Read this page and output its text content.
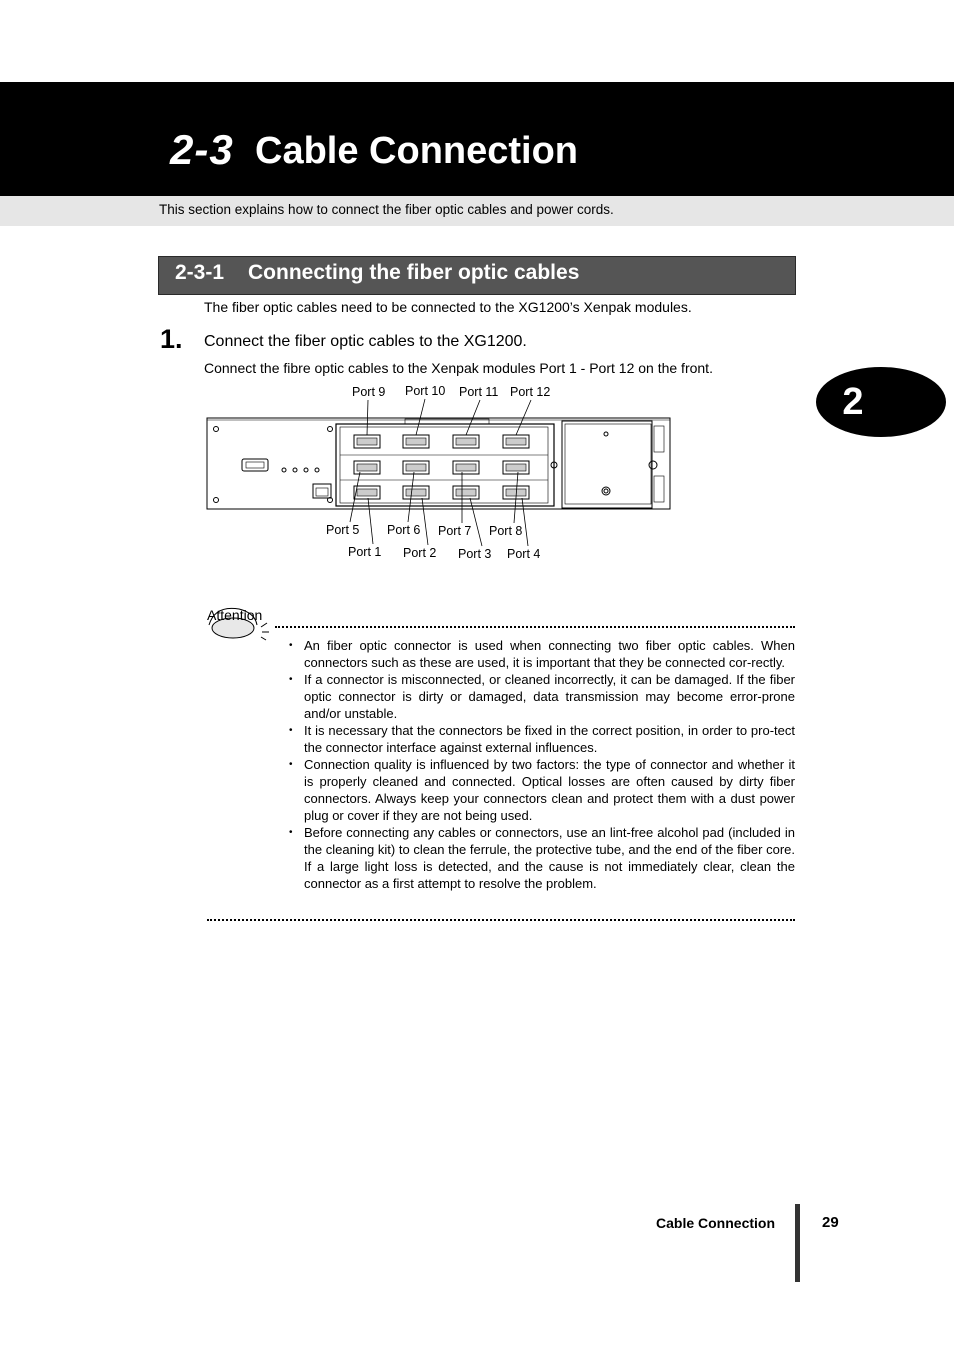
2-3 Cable Connection
This section explains how to connect the fiber optic cables and power cords.
2-3-1 Connecting the fiber optic cables
The fiber optic cables need to be connected to the XG1200’s Xenpak modules.
1. Connect the fiber optic cables to the XG1200.
Connect the fibre optic cables to the Xenpak modules Port 1 - Port 12 on the front.
2
Port 9 Port 10 Port 11 Port 12
Port 5 Port 6 Port 7 Port 8
Port 1 Port 2 Port 3 Port 4
Attention
• An fiber optic connector is used when connecting two fiber optic cables. When connectors such as these are used, it is important that they be connected cor-rectly.
• If a connector is misconnected, or cleaned incorrectly, it can be damaged. If the fiber optic connector is dirty or damaged, data transmission may become error-prone and/or unstable.
• It is necessary that the connectors be fixed in the correct position, in order to pro-tect the connector interface against external influences.
• Connection quality is influenced by two factors: the type of connector and whether it is properly cleaned and connected. Optical losses are often caused by dirty fiber connectors. Always keep your connectors clean and protect them with a dust power plug or cover if they are not being used.
• Before connecting any cables or connectors, use an lint-free alcohol pad (included in the cleaning kit) to clean the ferrule, the protective tube, and the end of the fiber core. If a large light loss is detected, and the cause is not immediately clear, clean the connector as a first attempt to resolve the problem.
Cable Connection	29
